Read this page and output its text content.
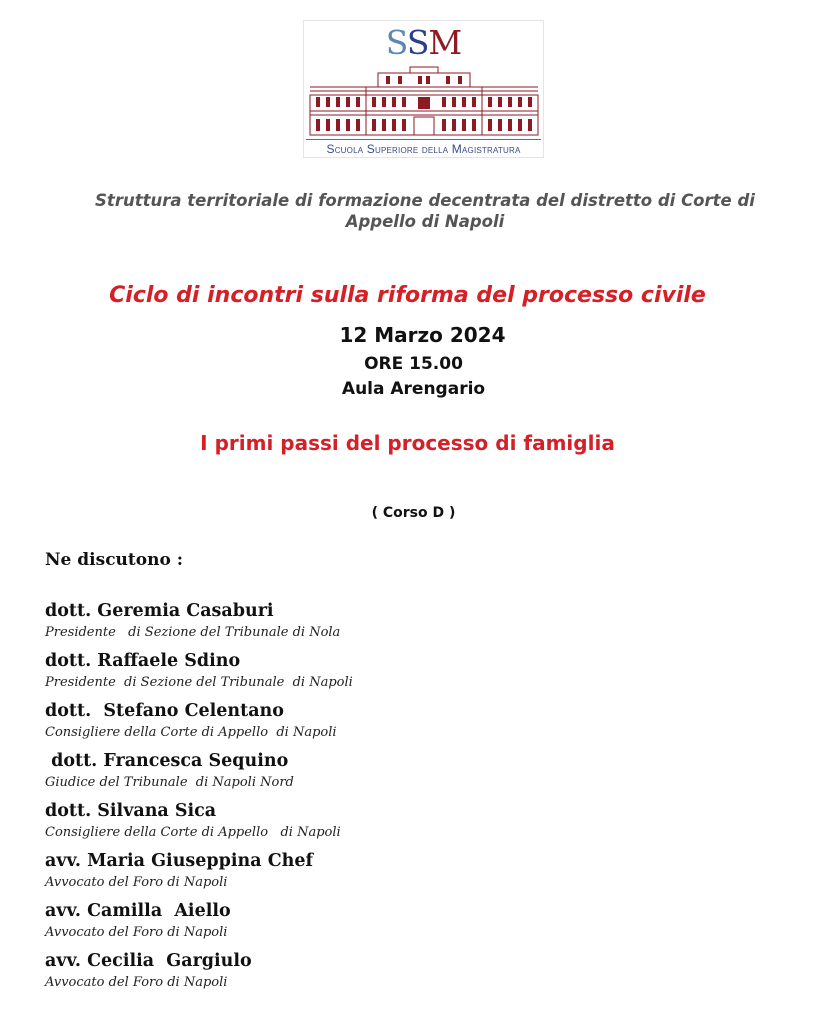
SSM
Scuola Superiore della Magistratura
Struttura territoriale di formazione decentrata del distretto di Corte di Appello di Napoli
Ciclo di incontri sulla riforma del processo civile
12 Marzo 2024
ORE 15.00
Aula Arengario
I primi passi del processo di famiglia
( Corso D )
Ne discutono :
dott. Geremia Casaburi
Presidente   di Sezione del Tribunale di Nola
dott. Raffaele Sdino
Presidente  di Sezione del Tribunale  di Napoli
dott.  Stefano Celentano
Consigliere della Corte di Appello  di Napoli
dott. Francesca Sequino
Giudice del Tribunale  di Napoli Nord
dott. Silvana Sica
Consigliere della Corte di Appello   di Napoli
avv. Maria Giuseppina Chef
Avvocato del Foro di Napoli
avv. Camilla  Aiello
Avvocato del Foro di Napoli
avv. Cecilia  Gargiulo
Avvocato del Foro di Napoli
